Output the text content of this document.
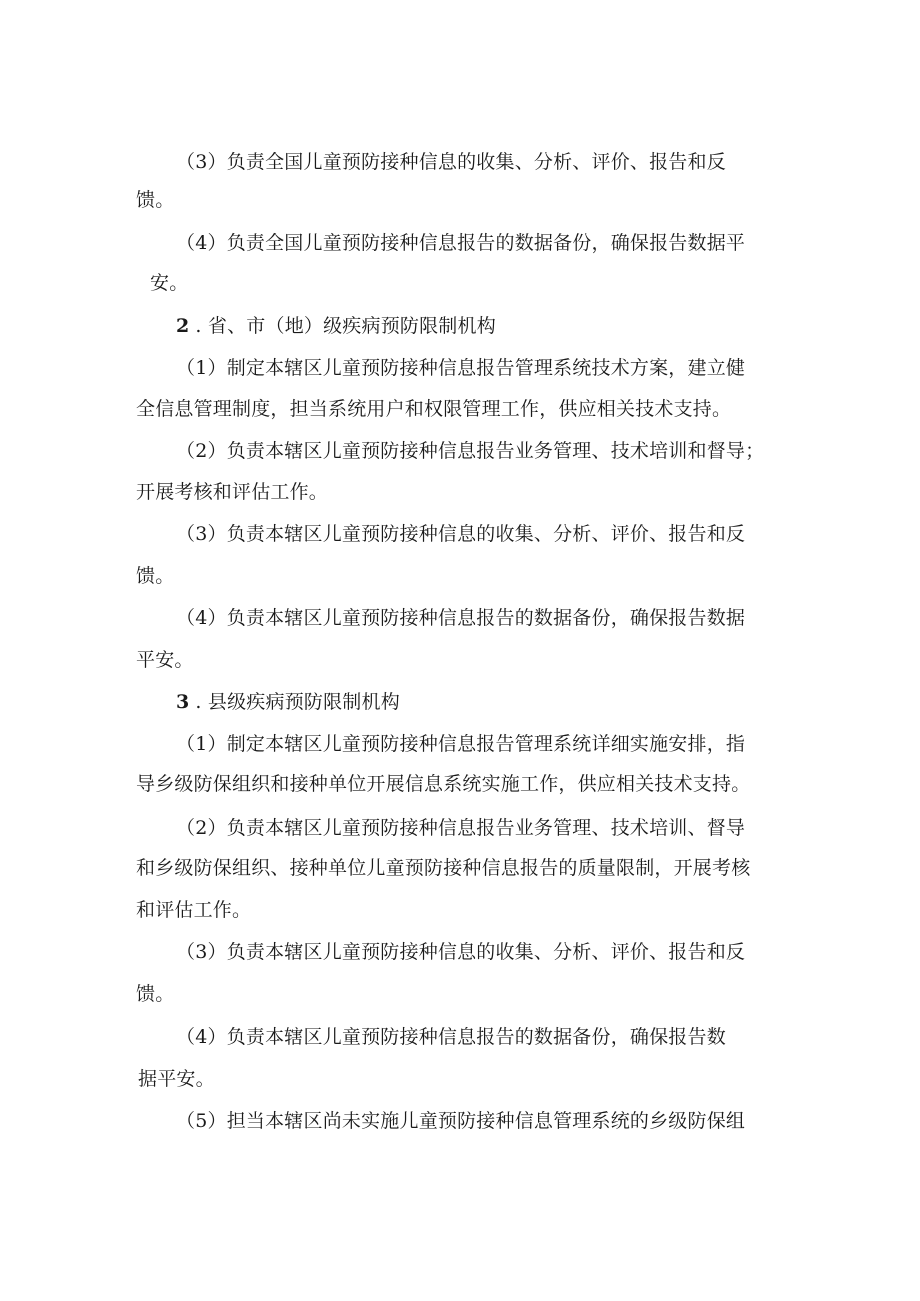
（3）负责全国儿童预防接种信息的收集、分析、评价、报告和反
馈。
（4）负责全国儿童预防接种信息报告的数据备份，确保报告数据平
安。
2 . 省、市（地）级疾病预防限制机构
（1）制定本辖区儿童预防接种信息报告管理系统技术方案，建立健
全信息管理制度，担当系统用户和权限管理工作，供应相关技术支持。
（2）负责本辖区儿童预防接种信息报告业务管理、技术培训和督导；
开展考核和评估工作。
（3）负责本辖区儿童预防接种信息的收集、分析、评价、报告和反
馈。
（4）负责本辖区儿童预防接种信息报告的数据备份，确保报告数据
平安。
3 . 县级疾病预防限制机构
（1）制定本辖区儿童预防接种信息报告管理系统详细实施安排，指
导乡级防保组织和接种单位开展信息系统实施工作，供应相关技术支持。
（2）负责本辖区儿童预防接种信息报告业务管理、技术培训、督导
和乡级防保组织、接种单位儿童预防接种信息报告的质量限制，开展考核
和评估工作。
（3）负责本辖区儿童预防接种信息的收集、分析、评价、报告和反
馈。
（4）负责本辖区儿童预防接种信息报告的数据备份，确保报告数
据平安。
（5）担当本辖区尚未实施儿童预防接种信息管理系统的乡级防保组
